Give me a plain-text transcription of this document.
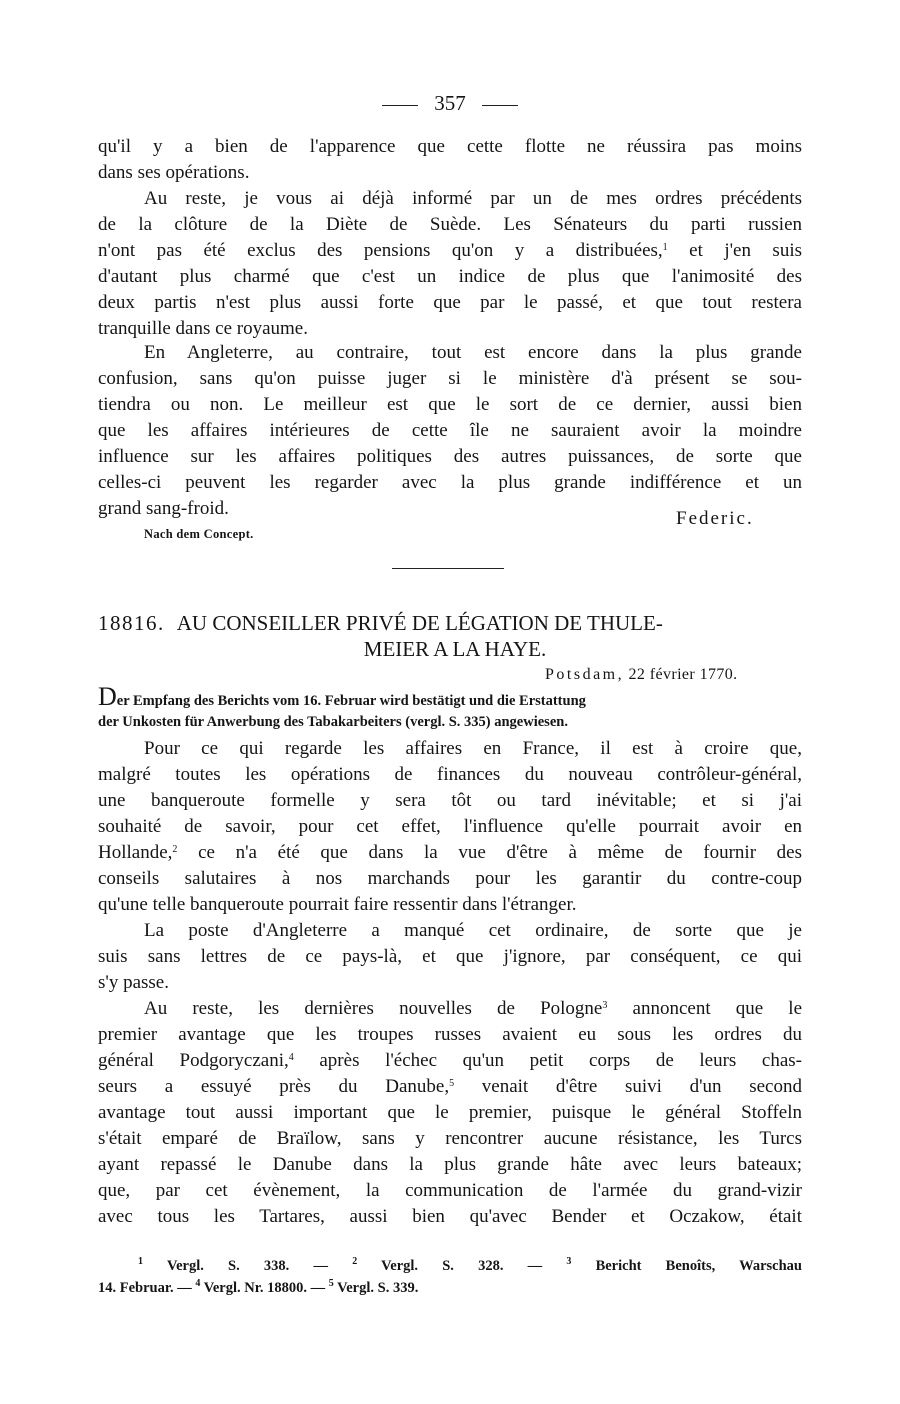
357
qu'il y a bien de l'apparence que cette flotte ne réussira pas moins
dans ses opérations.
Au reste, je vous ai déjà informé par un de mes ordres précédents
de la clôture de la Diète de Suède. Les Sénateurs du parti russien
n'ont pas été exclus des pensions qu'on y a distribuées,$^1$ et j'en suis
d'autant plus charmé que c'est un indice de plus que l'animosité des
deux partis n'est plus aussi forte que par le passé, et que tout restera
tranquille dans ce royaume.
En Angleterre, au contraire, tout est encore dans la plus grande
confusion, sans qu'on puisse juger si le ministère d'à présent se sou-
tiendra ou non. Le meilleur est que le sort de ce dernier, aussi bien
que les affaires intérieures de cette île ne sauraient avoir la moindre
influence sur les affaires politiques des autres puissances, de sorte que
celles-ci peuvent les regarder avec la plus grande indifférence et un
grand sang-froid.	Federic.
Nach dem Concept.
18816. AU CONSEILLER PRIVÉ DE LÉGATION DE THULE-
MEIER A LA HAYE.
Potsdam, 22 février 1770.
Der Empfang des Berichts vom 16. Februar wird bestätigt und die Erstattung
der Unkosten für Anwerbung des Tabakarbeiters (vergl. S. 335) angewiesen.
Pour ce qui regarde les affaires en France, il est à croire que,
malgré toutes les opérations de finances du nouveau contrôleur-général,
une banqueroute formelle y sera tôt ou tard inévitable; et si j'ai
souhaité de savoir, pour cet effet, l'influence qu'elle pourrait avoir en
Hollande,$^2$ ce n'a été que dans la vue d'être à même de fournir des
conseils salutaires à nos marchands pour les garantir du contre-coup
qu'une telle banqueroute pourrait faire ressentir dans l'étranger.
La poste d'Angleterre a manqué cet ordinaire, de sorte que je
suis sans lettres de ce pays-là, et que j'ignore, par conséquent, ce qui
s'y passe.
Au reste, les dernières nouvelles de Pologne$^3$ annoncent que le
premier avantage que les troupes russes avaient eu sous les ordres du
général Podgoryczani,$^4$ après l'échec qu'un petit corps de leurs chas-
seurs a essuyé près du Danube,$^5$ venait d'être suivi d'un second
avantage tout aussi important que le premier, puisque le général Stoffeln
s'était emparé de Braïlow, sans y rencontrer aucune résistance, les Turcs
ayant repassé le Danube dans la plus grande hâte avec leurs bateaux;
que, par cet évènement, la communication de l'armée du grand-vizir
avec tous les Tartares, aussi bien qu'avec Bender et Oczakow, était
$^1$ Vergl. S. 338. — $^2$ Vergl. S. 328. — $^3$ Bericht Benoîts, Warschau
14. Februar. — $^4$ Vergl. Nr. 18800. — $^5$ Vergl. S. 339.
